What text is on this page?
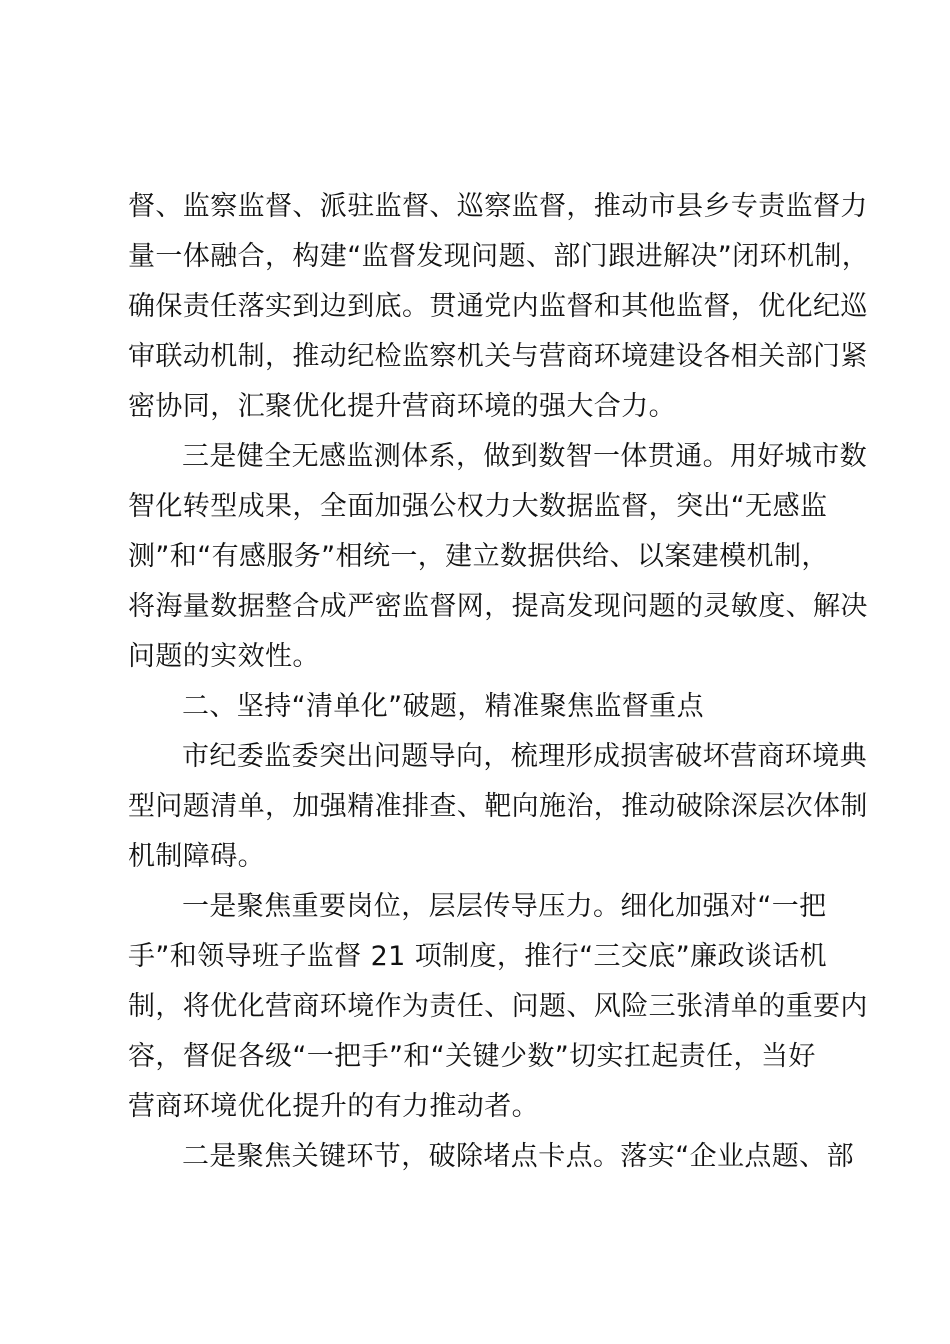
督、监察监督、派驻监督、巡察监督，推动市县乡专责监督力
量一体融合，构建“监督发现问题、部门跟进解决”闭环机制，
确保责任落实到边到底。贯通党内监督和其他监督，优化纪巡
审联动机制，推动纪检监察机关与营商环境建设各相关部门紧
密协同，汇聚优化提升营商环境的强大合力。
三是健全无感监测体系，做到数智一体贯通。用好城市数
智化转型成果，全面加强公权力大数据监督，突出“无感监
测”和“有感服务”相统一，建立数据供给、以案建模机制，
将海量数据整合成严密监督网，提高发现问题的灵敏度、解决
问题的实效性。
二、坚持“清单化”破题，精准聚焦监督重点
市纪委监委突出问题导向，梳理形成损害破坏营商环境典
型问题清单，加强精准排查、靶向施治，推动破除深层次体制
机制障碍。
一是聚焦重要岗位，层层传导压力。细化加强对“一把
手”和领导班子监督 21 项制度，推行“三交底”廉政谈话机
制，将优化营商环境作为责任、问题、风险三张清单的重要内
容，督促各级“一把手”和“关键少数”切实扛起责任，当好
营商环境优化提升的有力推动者。
二是聚焦关键环节，破除堵点卡点。落实“企业点题、部
